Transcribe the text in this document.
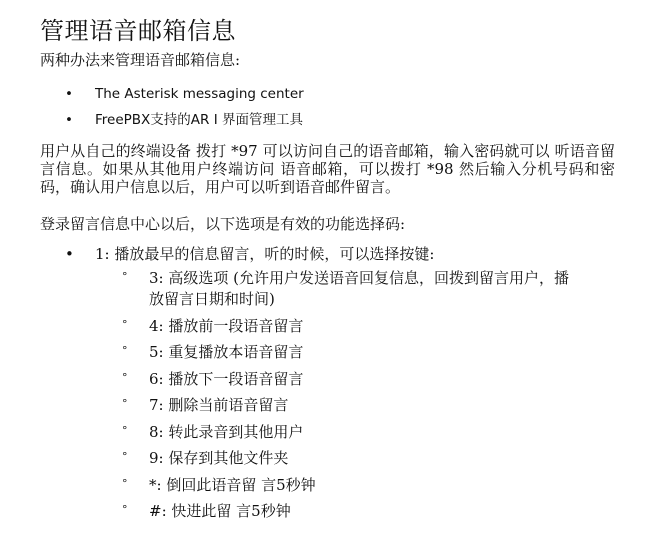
管理语音邮箱信息

两种办法来管理语音邮箱信息:

• The Asterisk messaging center
• FreePBX支持的AR I 界面管理工具

用户从自己的终端设备 拨打 *97 可以访问自己的语音邮箱，输入密码就可以 听语音留言信息。如果从其他用户终端访问 语音邮箱，可以拨打 *98 然后输入分机号码和密码，确认用户信息以后，用户可以听到语音邮件留言。

登录留言信息中心以后，以下选项是有效的功能选择码:

• 1: 播放最早的信息留言，听的时候，可以选择按键:
°	3: 高级选项 (允许用户发送语音回复信息，回拨到留言用户，播放留言日期和时间)
°	4: 播放前一段语音留言
°	5: 重复播放本语音留言
°	6: 播放下一段语音留言
°	7: 删除当前语音留言
°	8: 转此录音到其他用户
°	9: 保存到其他文件夹
°	*: 倒回此语音留 言5秒钟
°	#: 快进此留 言5秒钟
